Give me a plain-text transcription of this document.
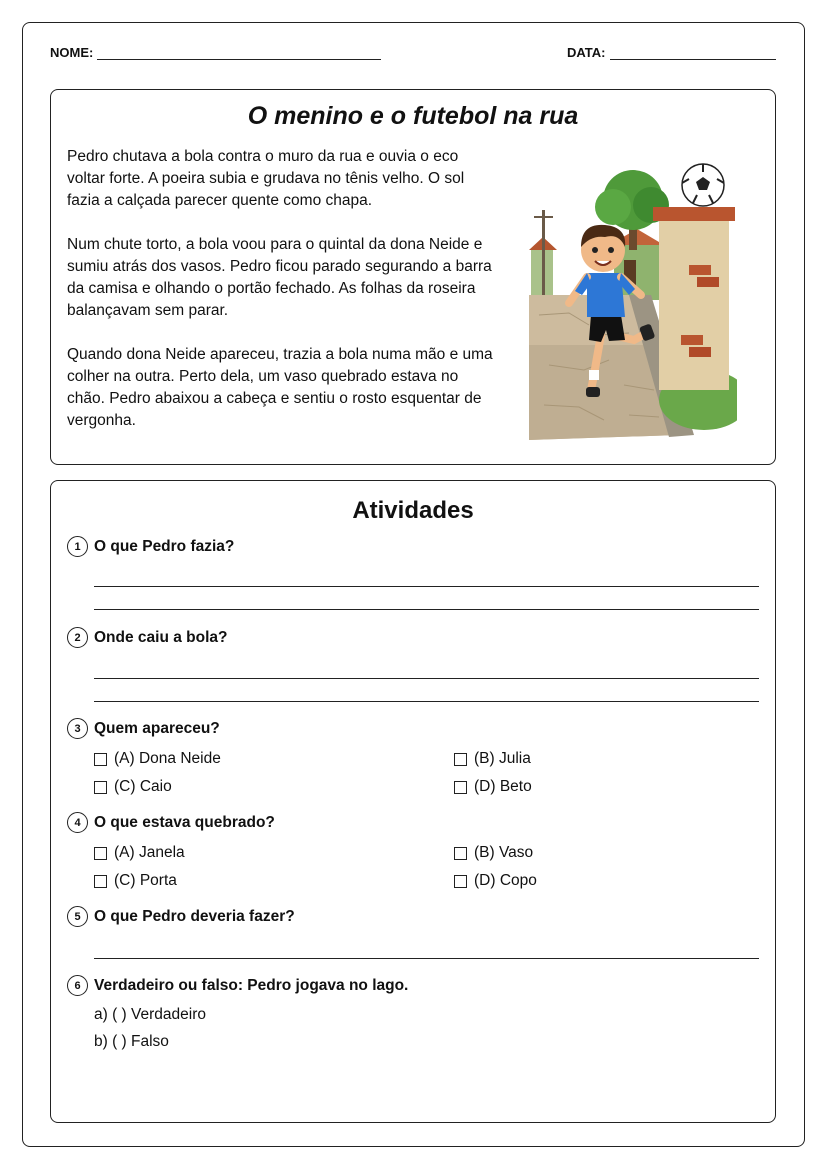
NOME:	DATA:
O menino e o futebol na rua

Pedro chutava a bola contra o muro da rua e ouvia o eco voltar forte. A poeira subia e grudava no tênis velho. O sol fazia a calçada parecer quente como chapa.

Num chute torto, a bola voou para o quintal da dona Neide e sumiu atrás dos vasos. Pedro ficou parado segurando a barra da camisa e olhando o portão fechado. As folhas da roseira balançavam sem parar.

Quando dona Neide apareceu, trazia a bola numa mão e uma colher na outra. Perto dela, um vaso quebrado estava no chão. Pedro abaixou a cabeça e sentiu o rosto esquentar de vergonha.

Atividades
1 O que Pedro fazia?
2 Onde caiu a bola?
3 Quem apareceu?
(A) Dona Neide	(B) Julia
(C) Caio	(D) Beto
4 O que estava quebrado?
(A) Janela	(B) Vaso
(C) Porta	(D) Copo
5 O que Pedro deveria fazer?
6 Verdadeiro ou falso: Pedro jogava no lago.
a) ( ) Verdadeiro
b) ( ) Falso
